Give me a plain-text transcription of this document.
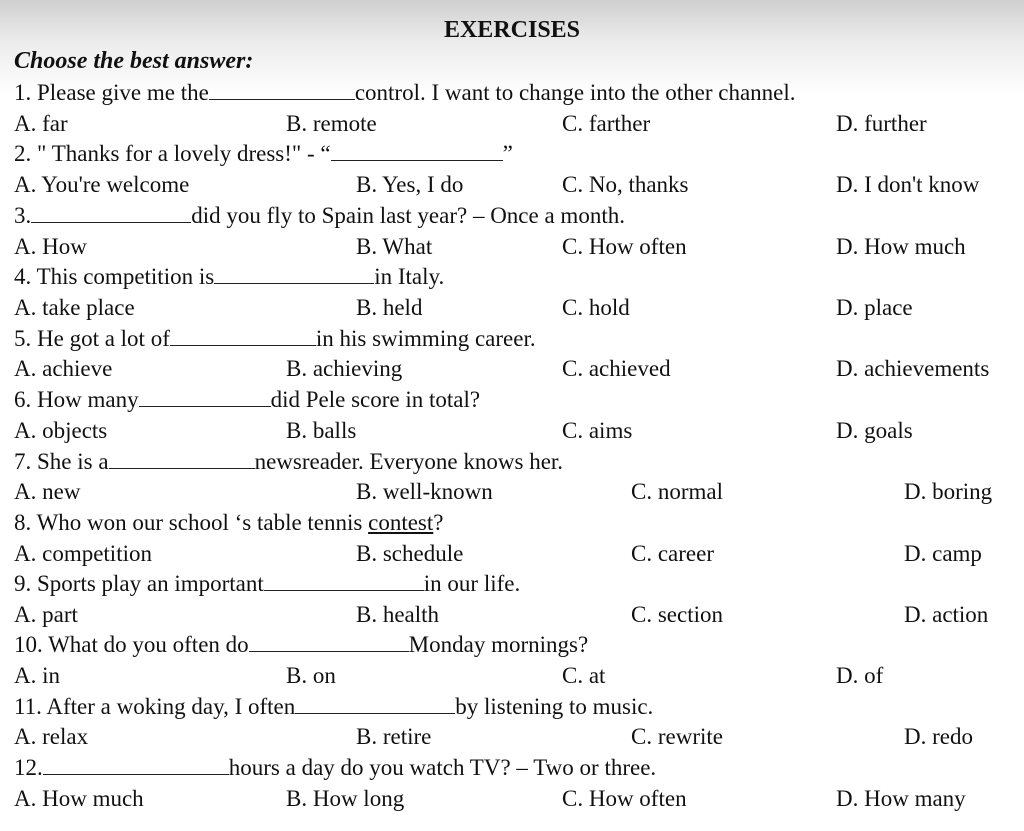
EXERCISES
Choose the best answer:
1. Please give me the	control. I want to change into the other channel.
A. far	B. remote	C. farther	D. further
2. " Thanks for a lovely dress!" - “	”
A. You're welcome	B. Yes, I do	C. No, thanks	D. I don't know
3.	did you fly to Spain last year? – Once a month.
A. How	B. What	C. How often	D. How much
4. This competition is	in Italy.
A. take place	B. held	C. hold	D. place
5. He got a lot of	in his swimming career.
A. achieve	B. achieving	C. achieved	D. achievements
6. How many	did Pele score in total?
A. objects	B. balls	C. aims	D. goals
7. She is a	newsreader. Everyone knows her.
A. new	B. well-known	C. normal	D. boring
8. Who won our school ‘s table tennis contest?
A. competition	B. schedule	C. career	D. camp
9. Sports play an important	in our life.
A. part	B. health	C. section	D. action
10. What do you often do	Monday mornings?
A. in	B. on	C. at	D. of
11. After a woking day, I often	by listening to music.
A. relax	B. retire	C. rewrite	D. redo
12.	hours a day do you watch TV? – Two or three.
A. How much	B. How long	C. How often	D. How many
